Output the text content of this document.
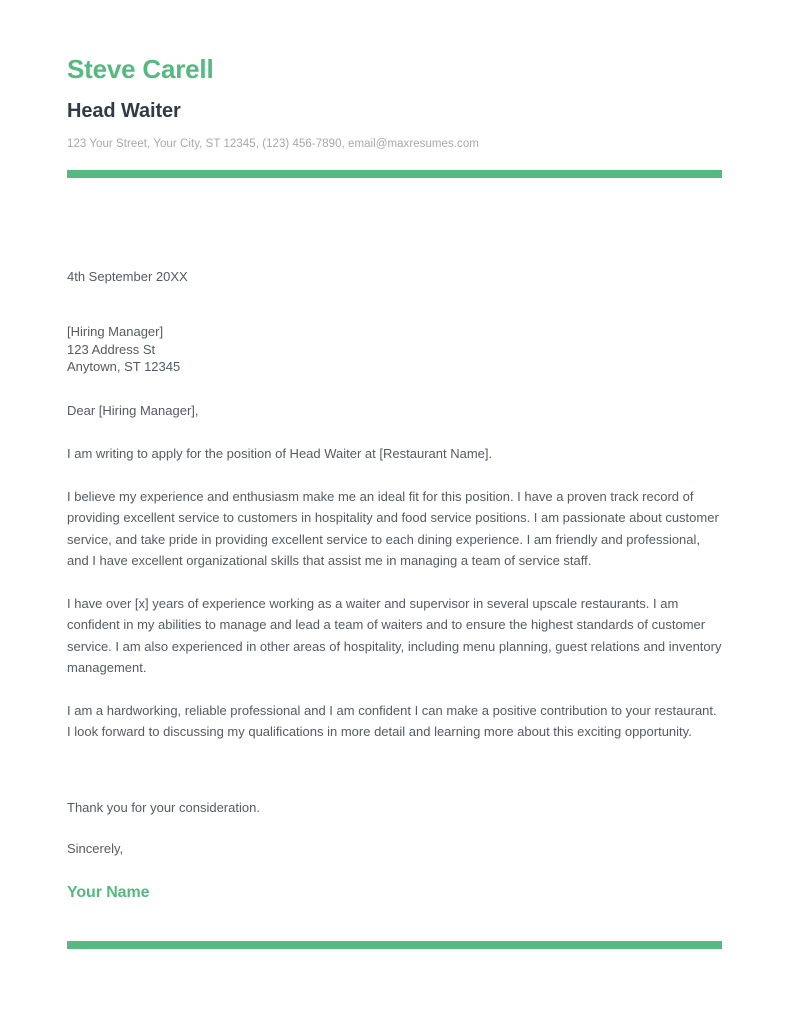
Steve Carell
Head Waiter

123 Your Street, Your City, ST 12345, (123) 456-7890, email@maxresumes.com

4th September 20XX

[Hiring Manager]

123 Address St

Anytown, ST 12345

Dear [Hiring Manager],

I am writing to apply for the position of Head Waiter at [Restaurant Name].

I believe my experience and enthusiasm make me an ideal fit for this position. I have a proven track record of providing excellent service to customers in hospitality and food service positions. I am passionate about customer service, and take pride in providing excellent service to each dining experience. I am friendly and professional, and I have excellent organizational skills that assist me in managing a team of service staff.

I have over [x] years of experience working as a waiter and supervisor in several upscale restaurants. I am confident in my abilities to manage and lead a team of waiters and to ensure the highest standards of customer service. I am also experienced in other areas of hospitality, including menu planning, guest relations and inventory management.

I am a hardworking, reliable professional and I am confident I can make a positive contribution to your restaurant. I look forward to discussing my qualifications in more detail and learning more about this exciting opportunity.

Thank you for your consideration.

Sincerely,

Your Name
